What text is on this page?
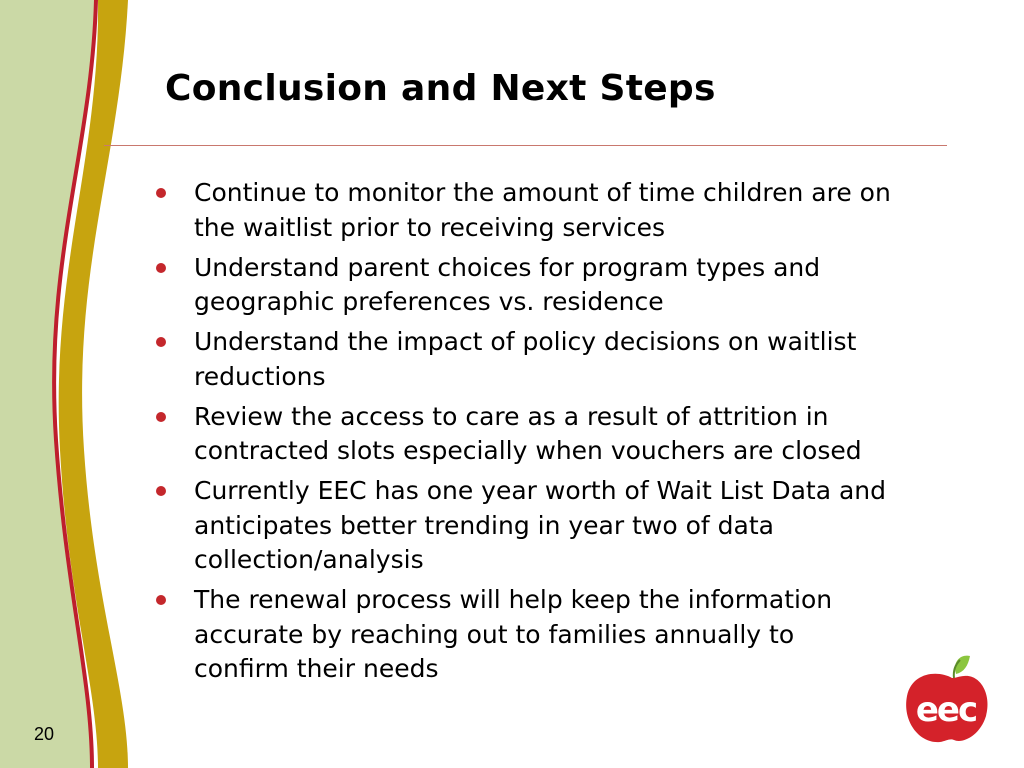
Conclusion and Next Steps
Continue to monitor the amount of time children are on the waitlist prior to receiving services
Understand parent choices for program types and geographic preferences vs. residence
Understand the impact of policy decisions on waitlist reductions
Review the access to care as a result of attrition in contracted slots especially when vouchers are closed
Currently EEC has one year worth of Wait List Data and anticipates better trending in year two of data collection/analysis
The renewal process will help keep the information accurate by reaching out to families annually to confirm their needs
20
eec
